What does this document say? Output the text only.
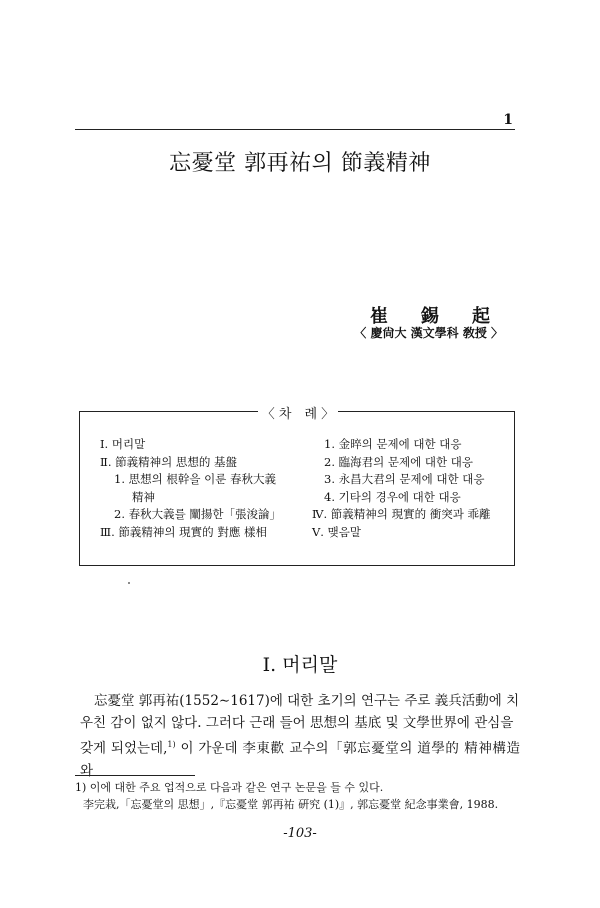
1
忘憂堂 郭再祐의 節義精神
崔 錫 起
〈 慶尙大 漢文學科 敎授 〉
〈 차　례 〉
Ⅰ. 머리말
Ⅱ. 節義精神의 思想的 基盤
1. 思想의 根幹을 이룬 春秋大義
精神
2. 春秋大義를 闡揚한「張浚論」
Ⅲ. 節義精神의 現實的 對應 樣相
1. 金晬의 문제에 대한 대응
2. 臨海君의 문제에 대한 대응
3. 永昌大君의 문제에 대한 대응
4. 기타의 경우에 대한 대응
Ⅳ. 節義精神의 現實的 衝突과 乖離
Ⅴ. 맺음말
Ⅰ. 머리말

忘憂堂 郭再祐(1552∼1617)에 대한 초기의 연구는 주로 義兵活動에 치

우친 감이 없지 않다. 그러다 근래 들어 思想의 基底 및 文學世界에 관심을
갖게 되었는데,$^{1)}$ 이 가운데 李東歡 교수의「郭忘憂堂의 道學的 精神構造와
1) 이에 대한 주요 업적으로 다음과 같은 연구 논문을 들 수 있다.
李完栽,「忘憂堂의 思想」,『忘憂堂 郭再祐 硏究 (1)』, 郭忘憂堂 紀念事業會, 1988.
-103-
